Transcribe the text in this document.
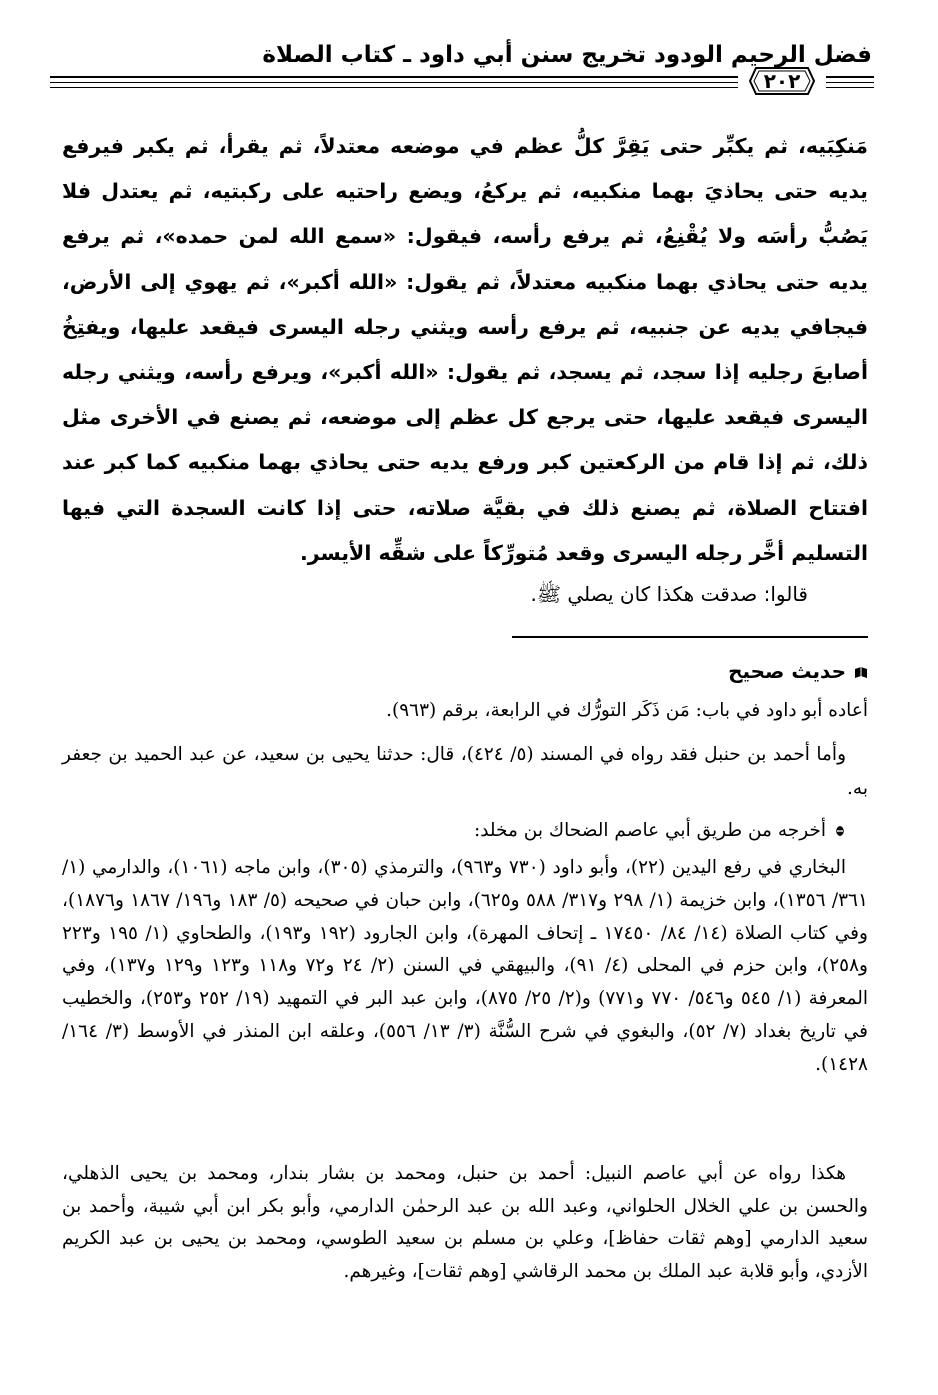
فضل الرحيم الودود تخريج سنن أبي داود ـ كتاب الصلاة
٢٠٢
مَنكِبَيه، ثم يكبِّر حتى يَقِرَّ كلُّ عظم في موضعه معتدلاً، ثم يقرأ، ثم يكبر فيرفع يديه حتى يحاذيَ بهما منكبيه، ثم يركعُ، ويضع راحتيه على ركبتيه، ثم يعتدل فلا يَصُبُّ رأسَه ولا يُقْنِعُ، ثم يرفع رأسه، فيقول: «سمع الله لمن حمده»، ثم يرفع يديه حتى يحاذي بهما منكبيه معتدلاً، ثم يقول: «الله أكبر»، ثم يهوي إلى الأرض، فيجافي يديه عن جنبيه، ثم يرفع رأسه ويثني رجله اليسرى فيقعد عليها، ويفتِخُ أصابعَ رجليه إذا سجد، ثم يسجد، ثم يقول: «الله أكبر»، ويرفع رأسه، ويثني رجله اليسرى فيقعد عليها، حتى يرجع كل عظم إلى موضعه، ثم يصنع في الأخرى مثل ذلك، ثم إذا قام من الركعتين كبر ورفع يديه حتى يحاذي بهما منكبيه كما كبر عند افتتاح الصلاة، ثم يصنع ذلك في بقيَّة صلاته، حتى إذا كانت السجدة التي فيها التسليم أخَّر رجله اليسرى وقعد مُتورِّكاً على شقِّه الأيسر.
قالوا: صدقت هكذا كان يصلي ﷺ.
حديث صحيح
أعاده أبو داود في باب: مَن ذَكَر التورُّك في الرابعة، برقم (٩٦٣).
وأما أحمد بن حنبل فقد رواه في المسند (٥/ ٤٢٤)، قال: حدثنا يحيى بن سعيد، عن عبد الحميد بن جعفر به.
أخرجه من طريق أبي عاصم الضحاك بن مخلد:
البخاري في رفع اليدين (٢٢)، وأبو داود (٧٣٠ و٩٦٣)، والترمذي (٣٠٥)، وابن ماجه (١٠٦١)، والدارمي (١/ ٣٦١/ ١٣٥٦)، وابن خزيمة (١/ ٢٩٨ و٣١٧/ ٥٨٨ و٦٢٥)، وابن حبان في صحيحه (٥/ ١٨٣ و١٩٦/ ١٨٦٧ و١٨٧٦)، وفي كتاب الصلاة (١٤/ ٨٤/ ١٧٤٥٠ ـ إتحاف المهرة)، وابن الجارود (١٩٢ و١٩٣)، والطحاوي (١/ ١٩٥ و٢٢٣ و٢٥٨)، وابن حزم في المحلى (٤/ ٩١)، والبيهقي في السنن (٢/ ٢٤ و٧٢ و١١٨ و١٢٣ و١٢٩ و١٣٧)، وفي المعرفة (١/ ٥٤٥ و٥٤٦/ ٧٧٠ و٧٧١) و(٢/ ٢٥/ ٨٧٥)، وابن عبد البر في التمهيد (١٩/ ٢٥٢ و٢٥٣)، والخطيب في تاريخ بغداد (٧/ ٥٢)، والبغوي في شرح السُّنَّة (٣/ ١٣/ ٥٥٦)، وعلقه ابن المنذر في الأوسط (٣/ ١٦٤/ ١٤٢٨).
هكذا رواه عن أبي عاصم النبيل: أحمد بن حنبل، ومحمد بن بشار بندار، ومحمد بن يحيى الذهلي، والحسن بن علي الخلال الحلواني، وعبد الله بن عبد الرحمٰن الدارمي، وأبو بكر ابن أبي شيبة، وأحمد بن سعيد الدارمي [وهم ثقات حفاظ]، وعلي بن مسلم بن سعيد الطوسي، ومحمد بن يحيى بن عبد الكريم الأزدي، وأبو قلابة عبد الملك بن محمد الرقاشي [وهم ثقات]، وغيرهم.
